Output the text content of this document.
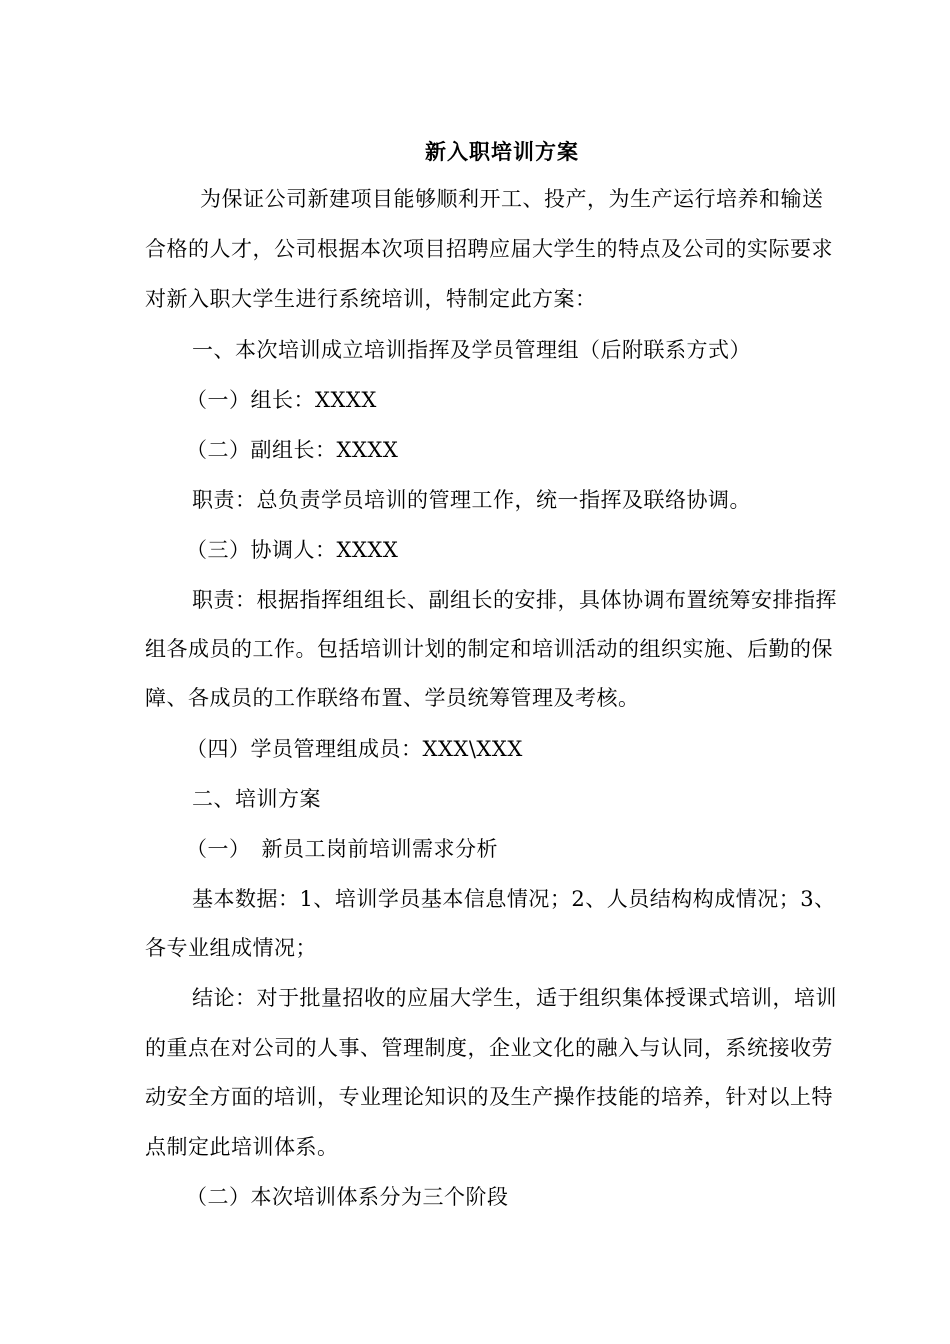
新入职培训方案
为保证公司新建项目能够顺利开工、投产，为生产运行培养和输送
合格的人才，公司根据本次项目招聘应届大学生的特点及公司的实际要求
对新入职大学生进行系统培训，特制定此方案：
一、本次培训成立培训指挥及学员管理组（后附联系方式）
（一）组长：XXXX
（二）副组长：XXXX
职责：总负责学员培训的管理工作，统一指挥及联络协调。
（三）协调人：XXXX
职责：根据指挥组组长、副组长的安排，具体协调布置统筹安排指挥
组各成员的工作。包括培训计划的制定和培训活动的组织实施、后勤的保
障、各成员的工作联络布置、学员统筹管理及考核。
（四）学员管理组成员：XXX\XXX
二、培训方案
（一）　新员工岗前培训需求分析
基本数据：1、培训学员基本信息情况；2、人员结构构成情况；3、
各专业组成情况；
结论：对于批量招收的应届大学生，适于组织集体授课式培训，培训
的重点在对公司的人事、管理制度，企业文化的融入与认同，系统接收劳
动安全方面的培训，专业理论知识的及生产操作技能的培养，针对以上特
点制定此培训体系。
（二）本次培训体系分为三个阶段
